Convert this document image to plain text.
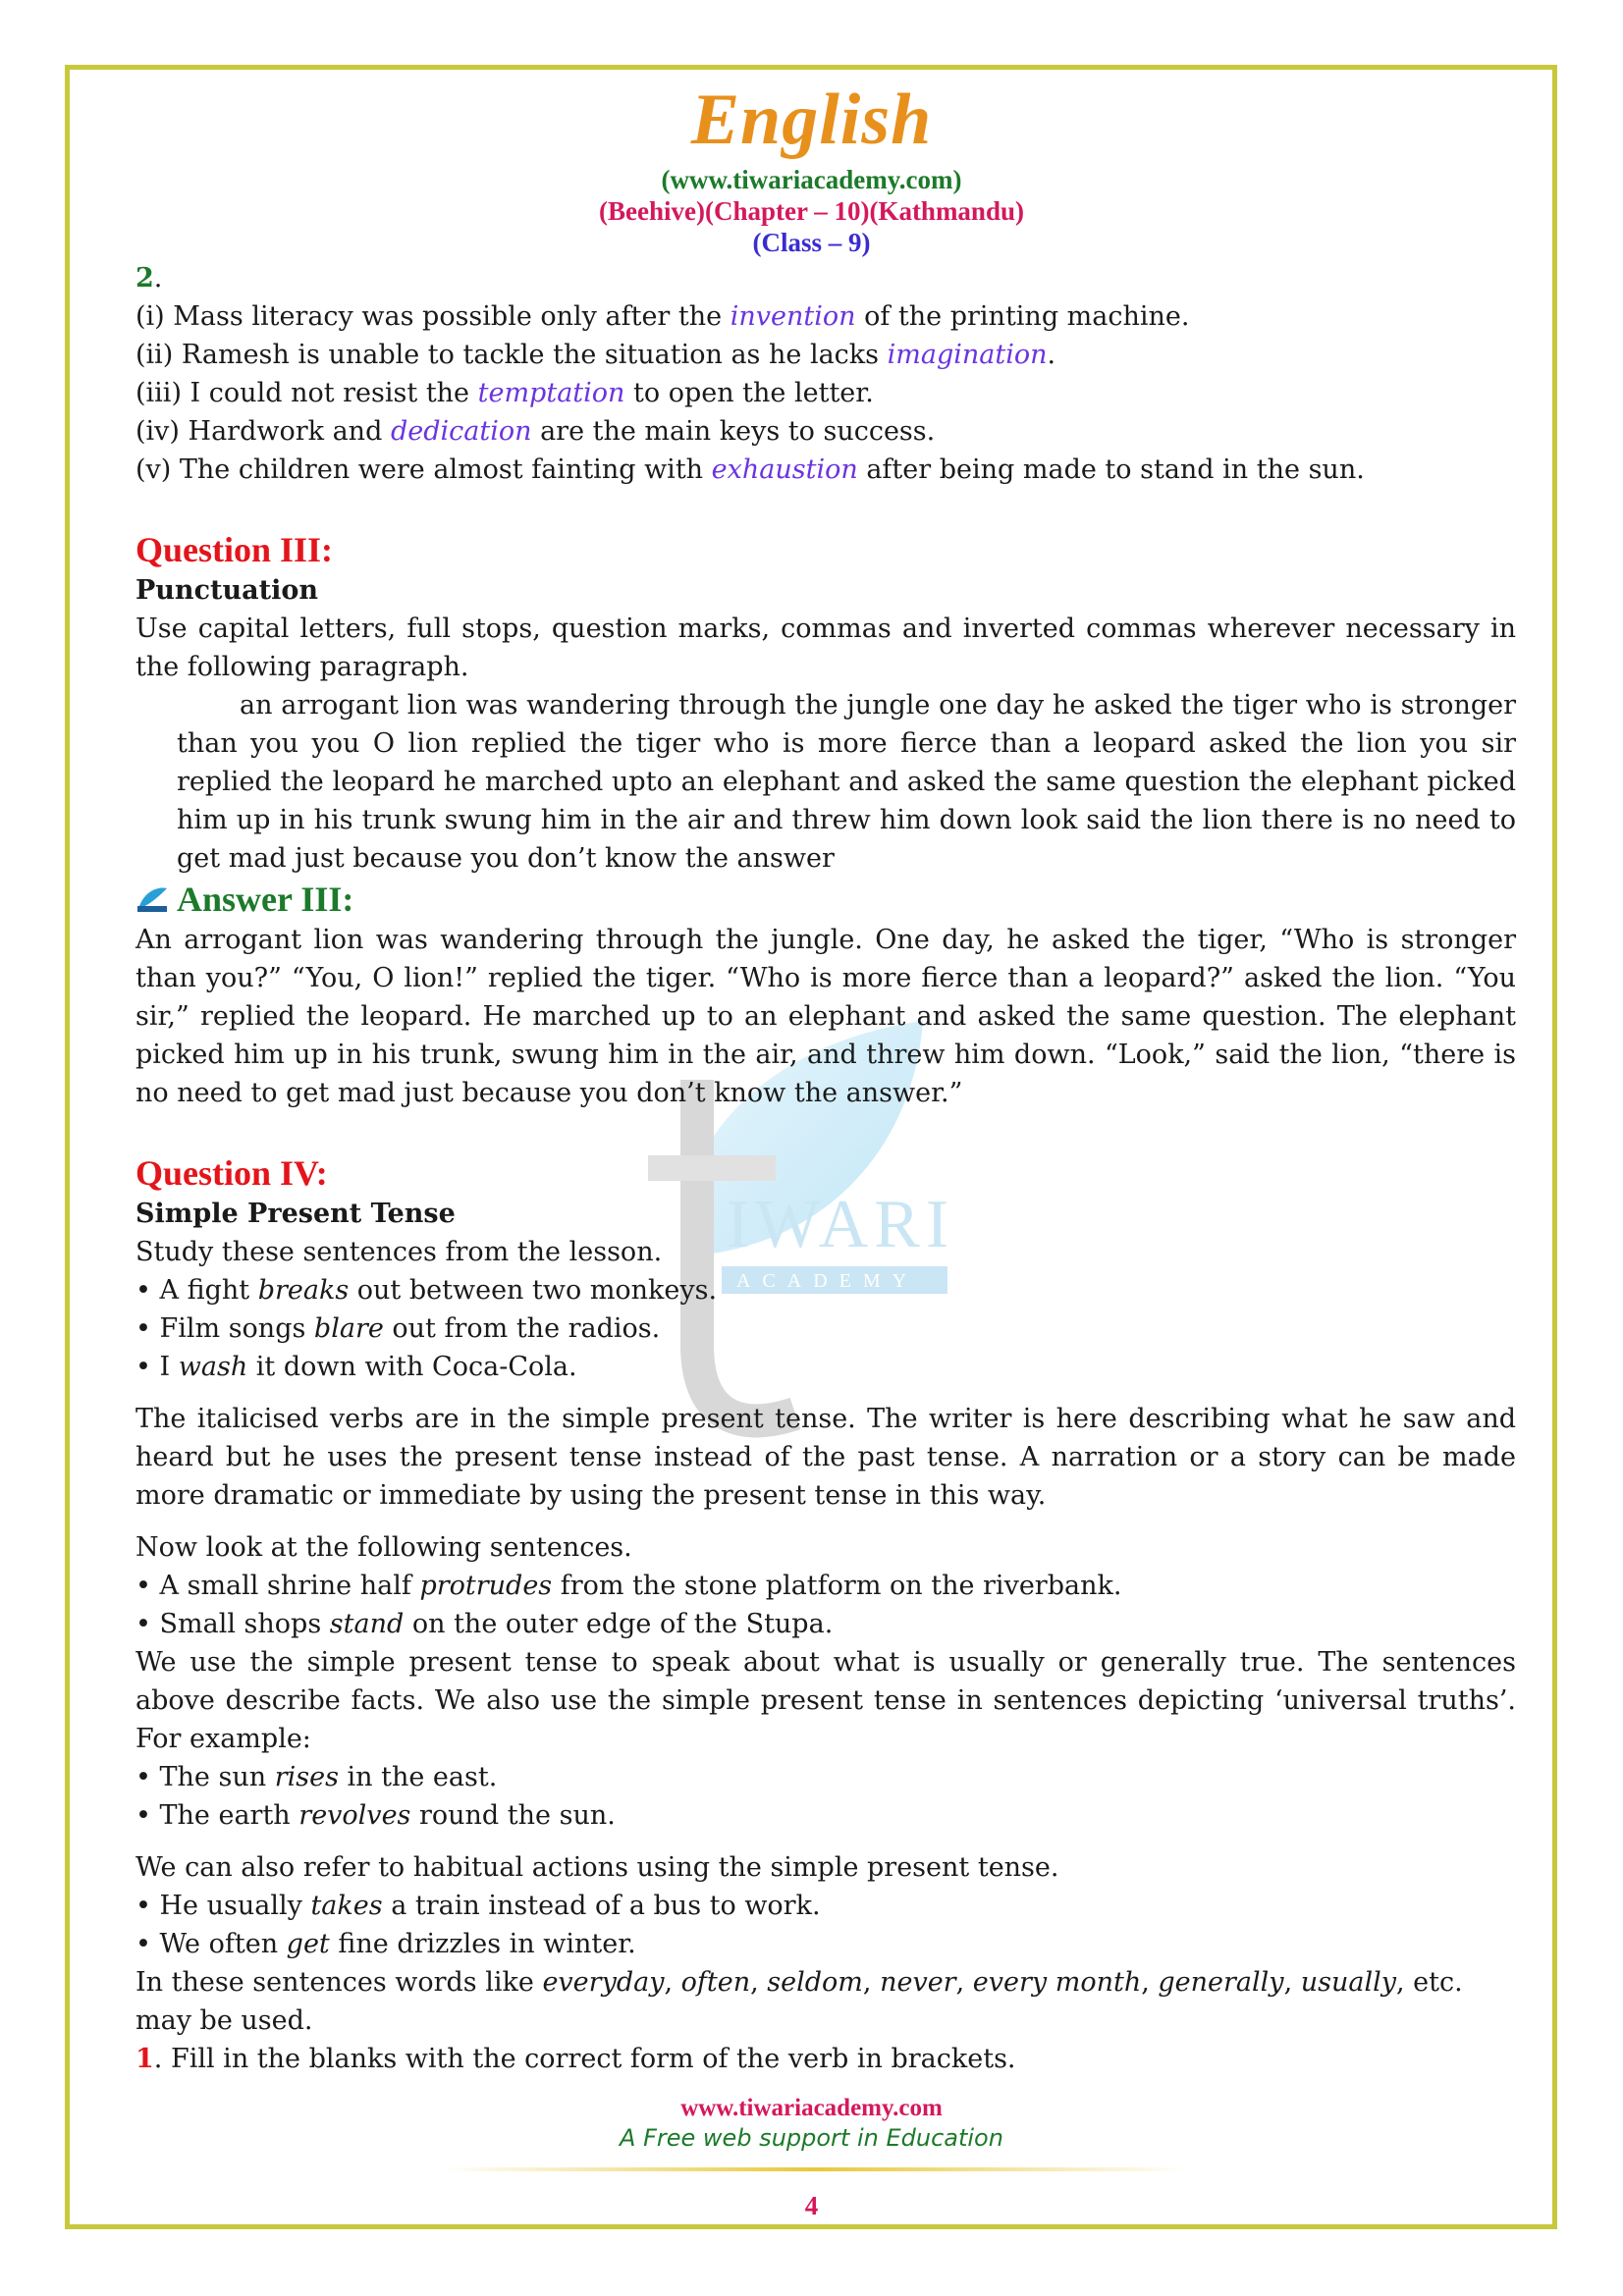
English
(www.tiwariacademy.com)
(Beehive)(Chapter – 10)(Kathmandu)
(Class – 9)
IWARI
ACADEMY

2.

(i) Mass literacy was possible only after the invention of the printing machine.

(ii) Ramesh is unable to tackle the situation as he lacks imagination.

(iii) I could not resist the temptation to open the letter.

(iv) Hardwork and dedication are the main keys to success.

(v) The children were almost fainting with exhaustion after being made to stand in the sun.

Question III:

Punctuation

Use capital letters, full stops, question marks, commas and inverted commas wherever necessary in the following paragraph.

an arrogant lion was wandering through the jungle one day he asked the tiger who is stronger than you you O lion replied the tiger who is more fierce than a leopard asked the lion you sir replied the leopard he marched upto an elephant and asked the same question the elephant picked him up in his trunk swung him in the air and threw him down look said the lion there is no need to get mad just because you don’t know the answer

Answer III:

An arrogant lion was wandering through the jungle. One day, he asked the tiger, “Who is stronger than you?” “You, O lion!” replied the tiger. “Who is more fierce than a leopard?” asked the lion. “You sir,” replied the leopard. He marched up to an elephant and asked the same question. The elephant picked him up in his trunk, swung him in the air, and threw him down. “Look,” said the lion, “there is no need to get mad just because you don’t know the answer.”

Question IV:

Simple Present Tense

Study these sentences from the lesson.

• A fight breaks out between two monkeys.

• Film songs blare out from the radios.

• I wash it down with Coca-Cola.

The italicised verbs are in the simple present tense. The writer is here describing what he saw and heard but he uses the present tense instead of the past tense. A narration or a story can be made more dramatic or immediate by using the present tense in this way.

Now look at the following sentences.

• A small shrine half protrudes from the stone platform on the riverbank.

• Small shops stand on the outer edge of the Stupa.

We use the simple present tense to speak about what is usually or generally true. The sentences above describe facts. We also use the simple present tense in sentences depicting ‘universal truths’. For example:

• The sun rises in the east.

• The earth revolves round the sun.

We can also refer to habitual actions using the simple present tense.

• He usually takes a train instead of a bus to work.

• We often get fine drizzles in winter.

In these sentences words like everyday, often, seldom, never, every month, generally, usually, etc. may be used.

1. Fill in the blanks with the correct form of the verb in brackets.

www.tiwariacademy.com
A Free web support in Education
4
